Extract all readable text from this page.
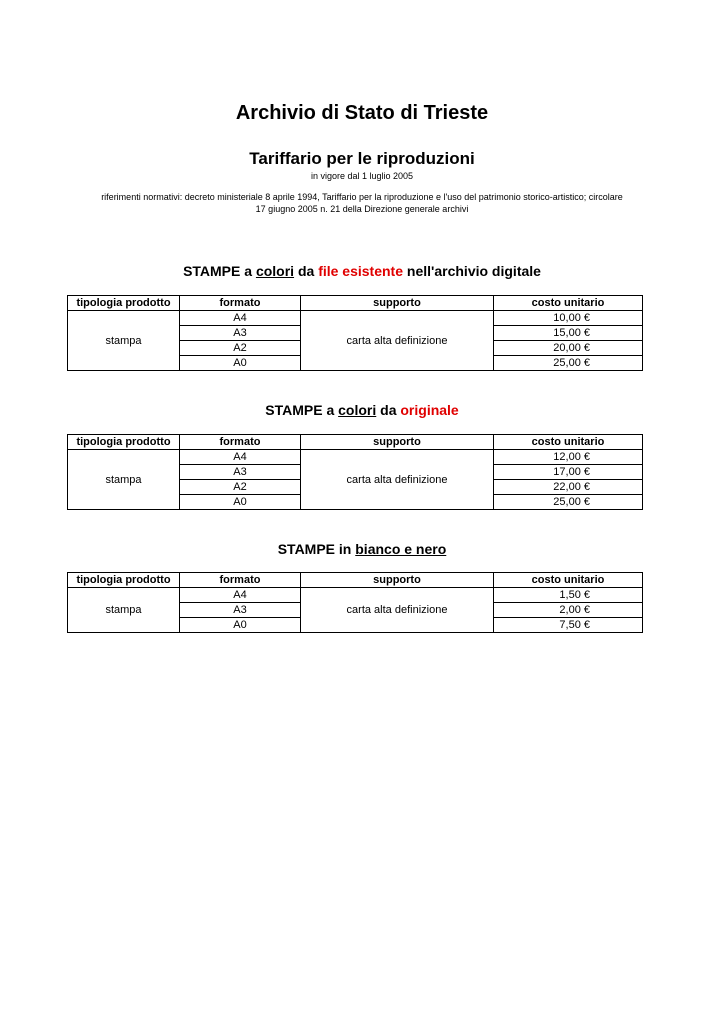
Archivio di Stato di Trieste
Tariffario per le riproduzioni
in vigore dal 1 luglio 2005
riferimenti normativi: decreto ministeriale 8 aprile 1994, Tariffario per la riproduzione e l'uso del patrimonio storico-artistico; circolare
17 giugno 2005 n. 21 della Direzione generale archivi
STAMPE a colori da file esistente nell'archivio digitale
tipologia prodotto	formato	supporto	costo unitario
stampa	A4	carta alta definizione	10,00 €
	A3		15,00 €
	A2		20,00 €
	A0		25,00 €
STAMPE a colori da originale
tipologia prodotto	formato	supporto	costo unitario
stampa	A4	carta alta definizione	12,00 €
	A3		17,00 €
	A2		22,00 €
	A0		25,00 €
STAMPE in bianco e nero
tipologia prodotto	formato	supporto	costo unitario
stampa	A4	carta alta definizione	1,50 €
	A3		2,00 €
	A0		7,50 €
